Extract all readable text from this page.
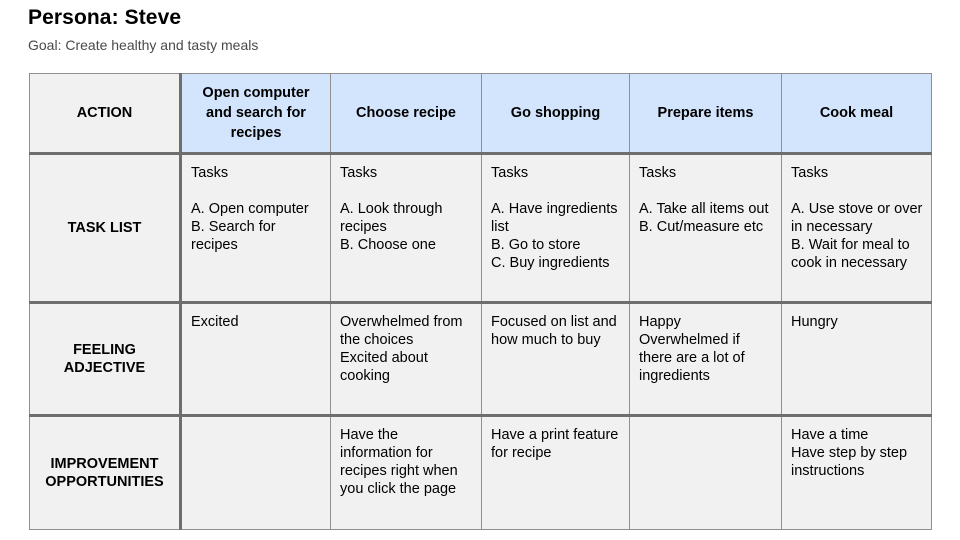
Persona: Steve
Goal: Create healthy and tasty meals
ACTION	Open computer and search for recipes	Choose recipe	Go shopping	Prepare items	Cook meal
TASK LIST	Tasks

A. Open computer
B. Search for recipes	Tasks

A. Look through recipes
B. Choose one	Tasks

A. Have ingredients list
B. Go to store
C. Buy ingredients	Tasks

A. Take all items out
B. Cut/measure etc	Tasks

A. Use stove or over in necessary
B. Wait for meal to cook in necessary
FEELING ADJECTIVE	Excited	Overwhelmed from the choices
Excited about cooking	Focused on list and how much to buy	Happy
Overwhelmed if there are a lot of ingredients	Hungry
IMPROVEMENT OPPORTUNITIES		Have the information for recipes right when you click the page	Have a print feature for recipe		Have a time
Have step by step instructions
